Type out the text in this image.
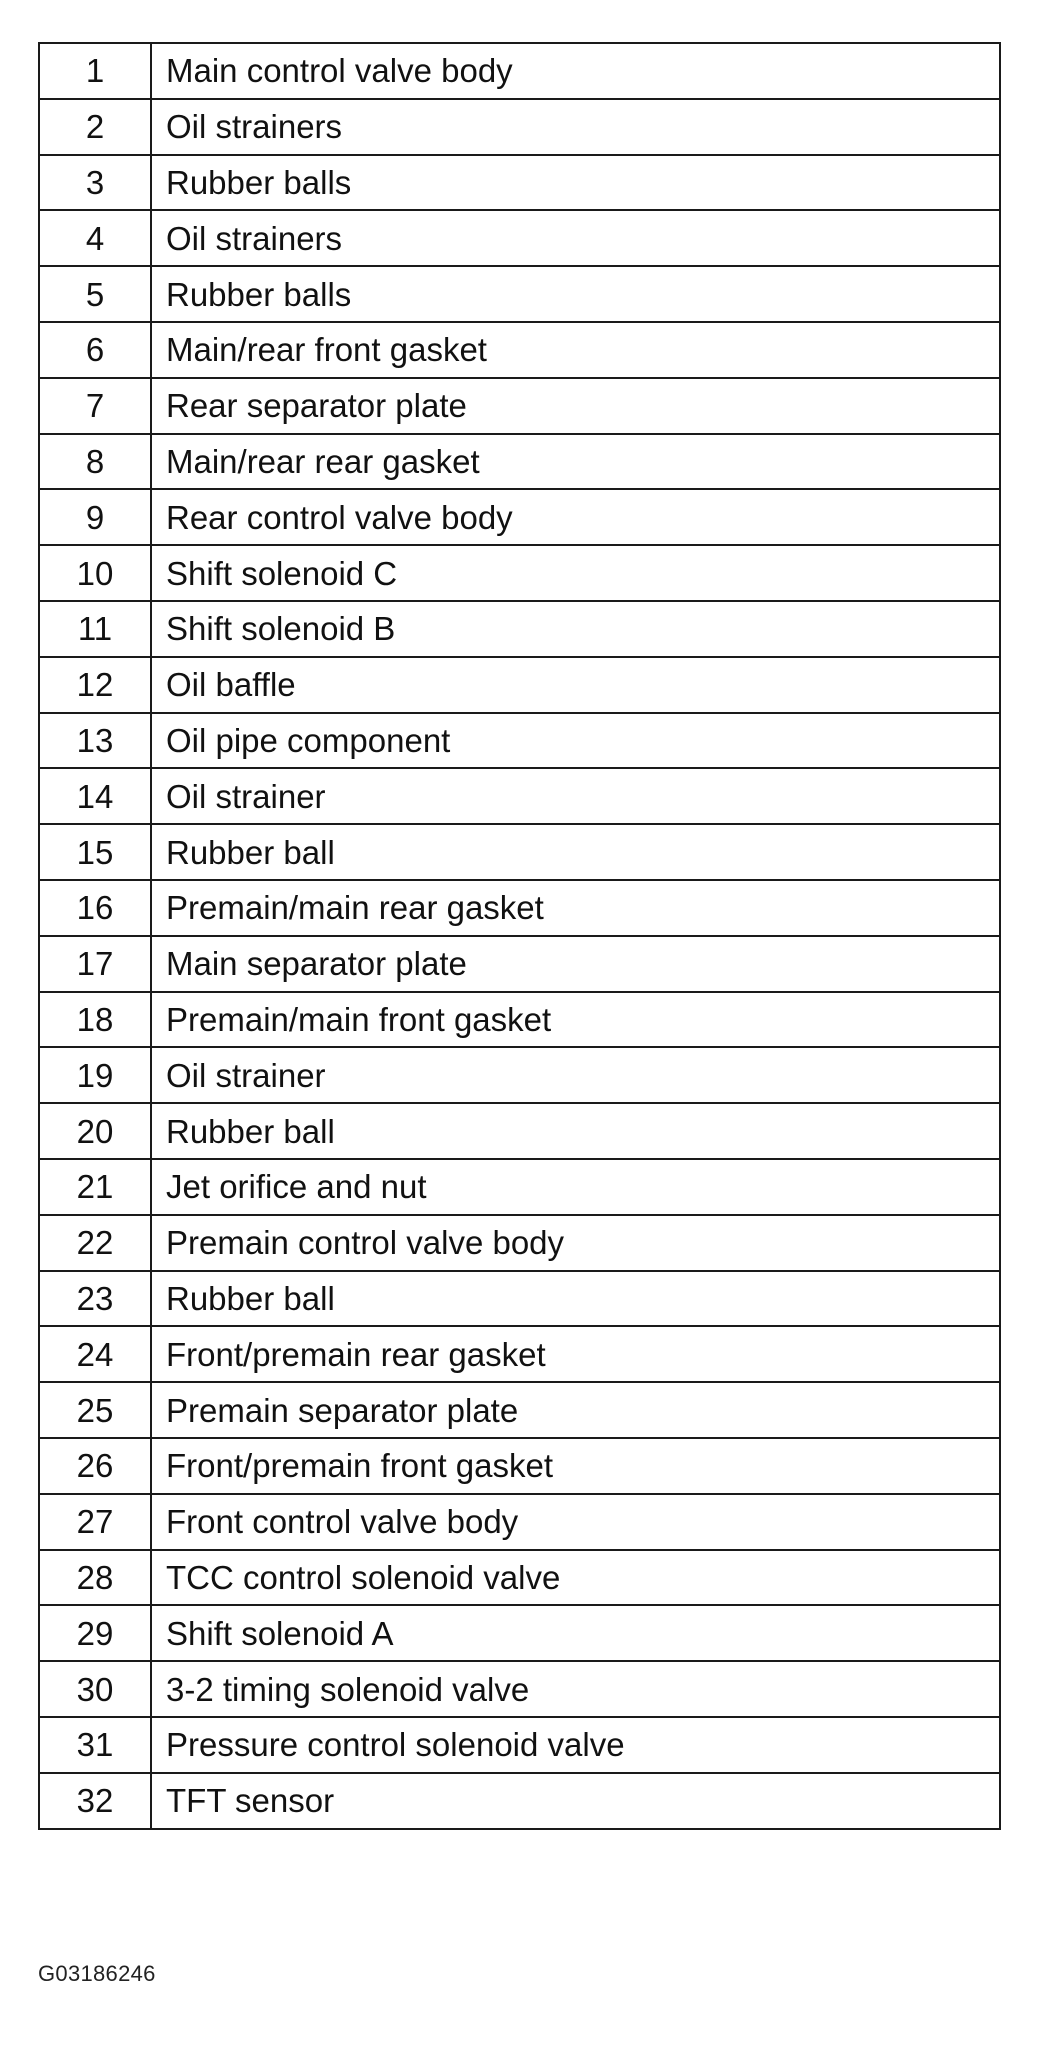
1	Main control valve body
2	Oil strainers
3	Rubber balls
4	Oil strainers
5	Rubber balls
6	Main/rear front gasket
7	Rear separator plate
8	Main/rear rear gasket
9	Rear control valve body
10	Shift solenoid C
11	Shift solenoid B
12	Oil baffle
13	Oil pipe component
14	Oil strainer
15	Rubber ball
16	Premain/main rear gasket
17	Main separator plate
18	Premain/main front gasket
19	Oil strainer
20	Rubber ball
21	Jet orifice and nut
22	Premain control valve body
23	Rubber ball
24	Front/premain rear gasket
25	Premain separator plate
26	Front/premain front gasket
27	Front control valve body
28	TCC control solenoid valve
29	Shift solenoid A
30	3-2 timing solenoid valve
31	Pressure control solenoid valve
32	TFT sensor
G03186246
